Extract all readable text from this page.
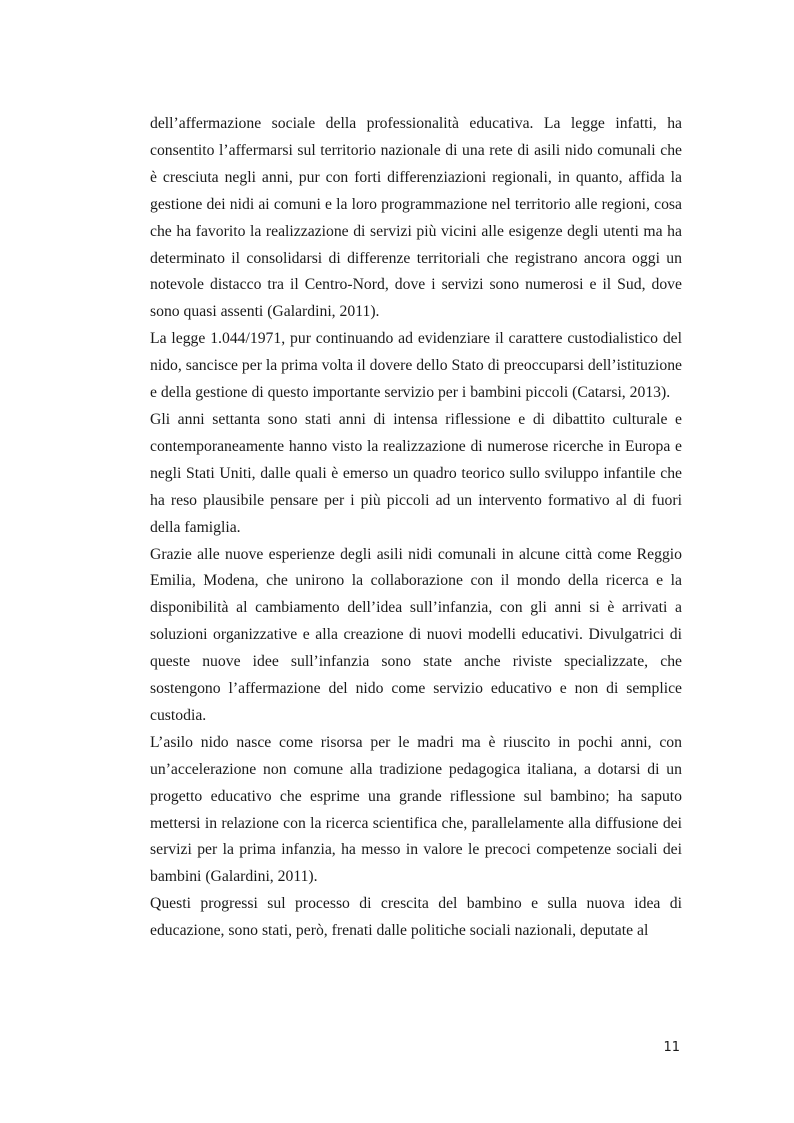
dell’affermazione sociale della professionalità educativa. La legge infatti, ha consentito l’affermarsi sul territorio nazionale di una rete di asili nido comunali che è cresciuta negli anni, pur con forti differenziazioni regionali, in quanto, affida la gestione dei nidi ai comuni e la loro programmazione nel territorio alle regioni, cosa che ha favorito la realizzazione di servizi più vicini alle esigenze degli utenti ma ha determinato il consolidarsi di differenze territoriali che registrano ancora oggi un notevole distacco tra il Centro-Nord, dove i servizi sono numerosi e il Sud, dove sono quasi assenti (Galardini, 2011).

La legge 1.044/1971, pur continuando ad evidenziare il carattere custodialistico del nido, sancisce per la prima volta il dovere dello Stato di preoccuparsi dell’istituzione e della gestione di questo importante servizio per i bambini piccoli (Catarsi, 2013).

Gli anni settanta sono stati anni di intensa riflessione e di dibattito culturale e contemporaneamente hanno visto la realizzazione di numerose ricerche in Europa e negli Stati Uniti, dalle quali è emerso un quadro teorico sullo sviluppo infantile che ha reso plausibile pensare per i più piccoli ad un intervento formativo al di fuori della famiglia.

Grazie alle nuove esperienze degli asili nidi comunali in alcune città come Reggio Emilia, Modena, che unirono la collaborazione con il mondo della ricerca e la disponibilità al cambiamento dell’idea sull’infanzia, con gli anni si è arrivati a soluzioni organizzative e alla creazione di nuovi modelli educativi. Divulgatrici di queste nuove idee sull’infanzia sono state anche riviste specializzate, che sostengono l’affermazione del nido come servizio educativo e non di semplice custodia.

L’asilo nido nasce come risorsa per le madri ma è riuscito in pochi anni, con un’accelerazione non comune alla tradizione pedagogica italiana, a dotarsi di un progetto educativo che esprime una grande riflessione sul bambino; ha saputo mettersi in relazione con la ricerca scientifica che, parallelamente alla diffusione dei servizi per la prima infanzia, ha messo in valore le precoci competenze sociali dei bambini (Galardini, 2011).

Questi progressi sul processo di crescita del bambino e sulla nuova idea di educazione, sono stati, però, frenati dalle politiche sociali nazionali, deputate al

11
